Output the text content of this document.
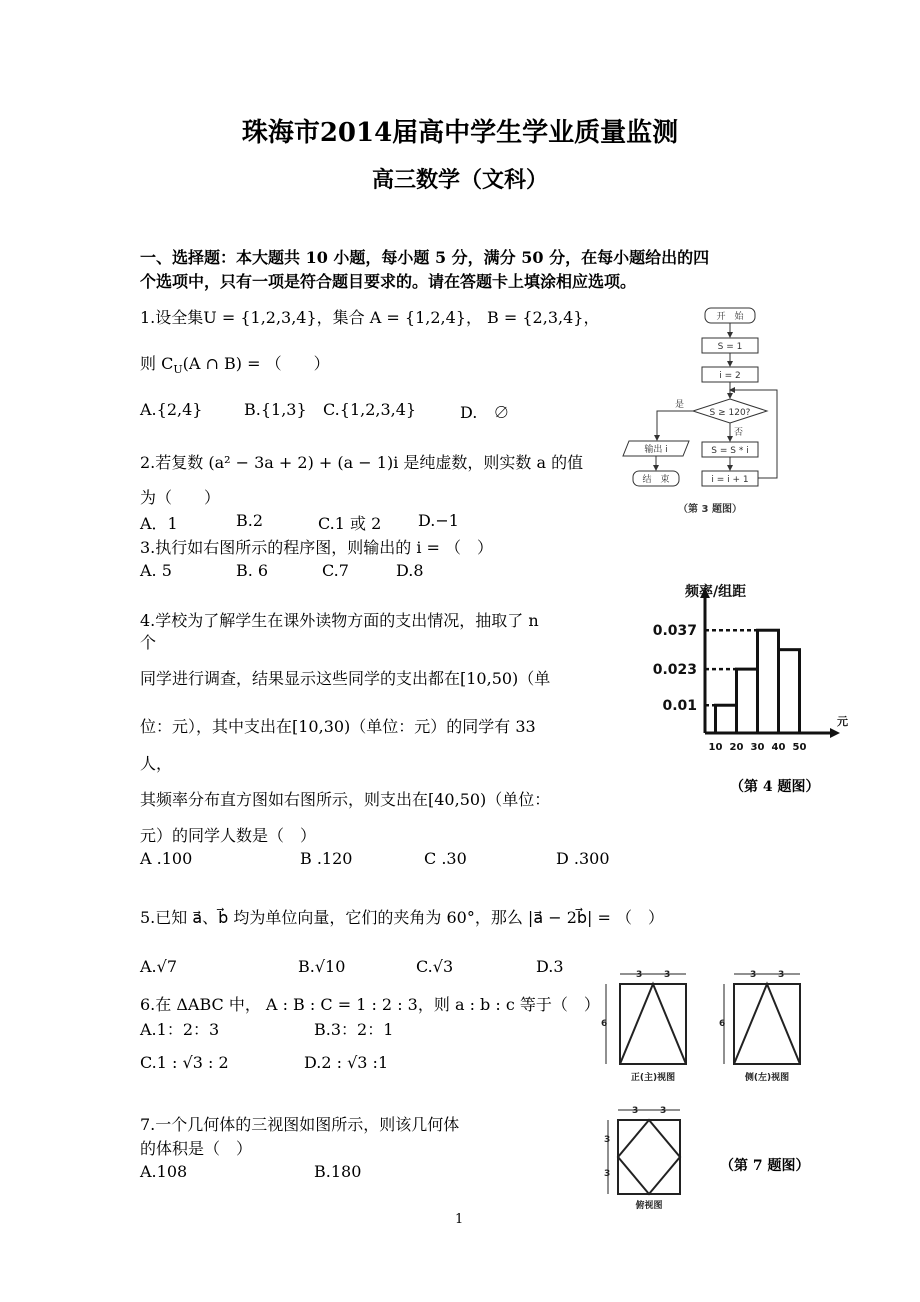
珠海市2014届高中学生学业质量监测
高三数学（文科）
一、选择题：本大题共 10 小题，每小题 5 分，满分 50 分，在每小题给出的四
个选项中，只有一项是符合题目要求的。请在答题卡上填涂相应选项。
1.设全集U = {1,2,3,4}，集合 A = {1,2,4}， B = {2,3,4}，
则 $C_U(A$ ∩ B) = （　　）
A.{2,4}	B.{1,3} C.{1,2,3,4}	D.　∅
2.若复数 (a² − 3a + 2) + (a − 1)i 是纯虚数，则实数 a 的值
为（　　）
A．1	B.2	C.1 或 2 D.−1
3.执行如右图所示的程序图，则输出的 i = （　）
A. 5	B. 6	C.7	D.8
4.学校为了解学生在课外读物方面的支出情况，抽取了 n
个
同学进行调查，结果显示这些同学的支出都在[10,50)（单
位：元），其中支出在[10,30)（单位：元）的同学有 33
人，
其频率分布直方图如右图所示，则支出在[40,50)（单位：
元）的同学人数是（　）
A .100	B .120	C .30	D .300
5.已知 a⃗、b⃗ 均为单位向量，它们的夹角为 60°，那么 |a⃗ − 2b⃗| = （　）
A.√7	B.√10	C.√3	D.3
6.在 ΔABC 中， A : B : C = 1 : 2 : 3，则 a : b : c 等于（　）
A.1：2：3	B.3：2：1
C.1 : √3 : 2	D.2 : √3 :1
7.一个几何体的三视图如图所示，则该几何体
的体积是（　）
A.108	B.180
开　始
S = 1
i = 2
S ≥ 120?
是
输出 i
结　束
否
S = S * i
i = i + 1
（第 3 题图）
频率/组距
元
0.01
0.023
0.037
10 20 30 40 50
（第 4 题图）
3 3
6
正(主)视图
3 3
6
侧(左)视图
3 3
3
3
俯视图
（第 7 题图）
1
